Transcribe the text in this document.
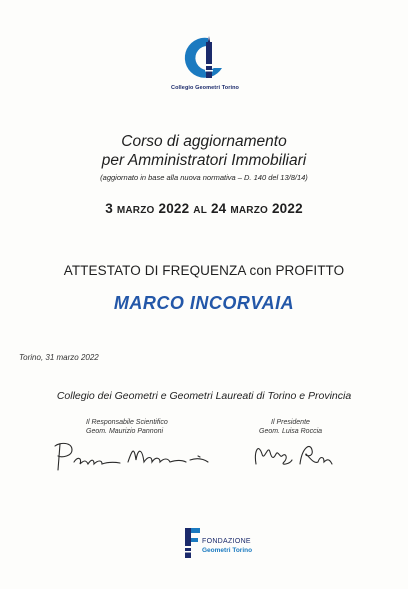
Collegio Geometri Torino
Corso di aggiornamento
per Amministratori Immobiliari
(aggiornato in base alla nuova normativa – D. 140 del 13/8/14)
3 MARZO 2022 AL 24 MARZO 2022
ATTESTATO DI FREQUENZA con PROFITTO
MARCO INCORVAIA
Torino, 31 marzo 2022
Collegio dei Geometri e Geometri Laureati di Torino e Provincia
Il Responsabile Scientifico
Geom. Maurizio Pannoni
Il Presidente
Geom. Luisa Roccia
FONDAZIONE
Geometri Torino
